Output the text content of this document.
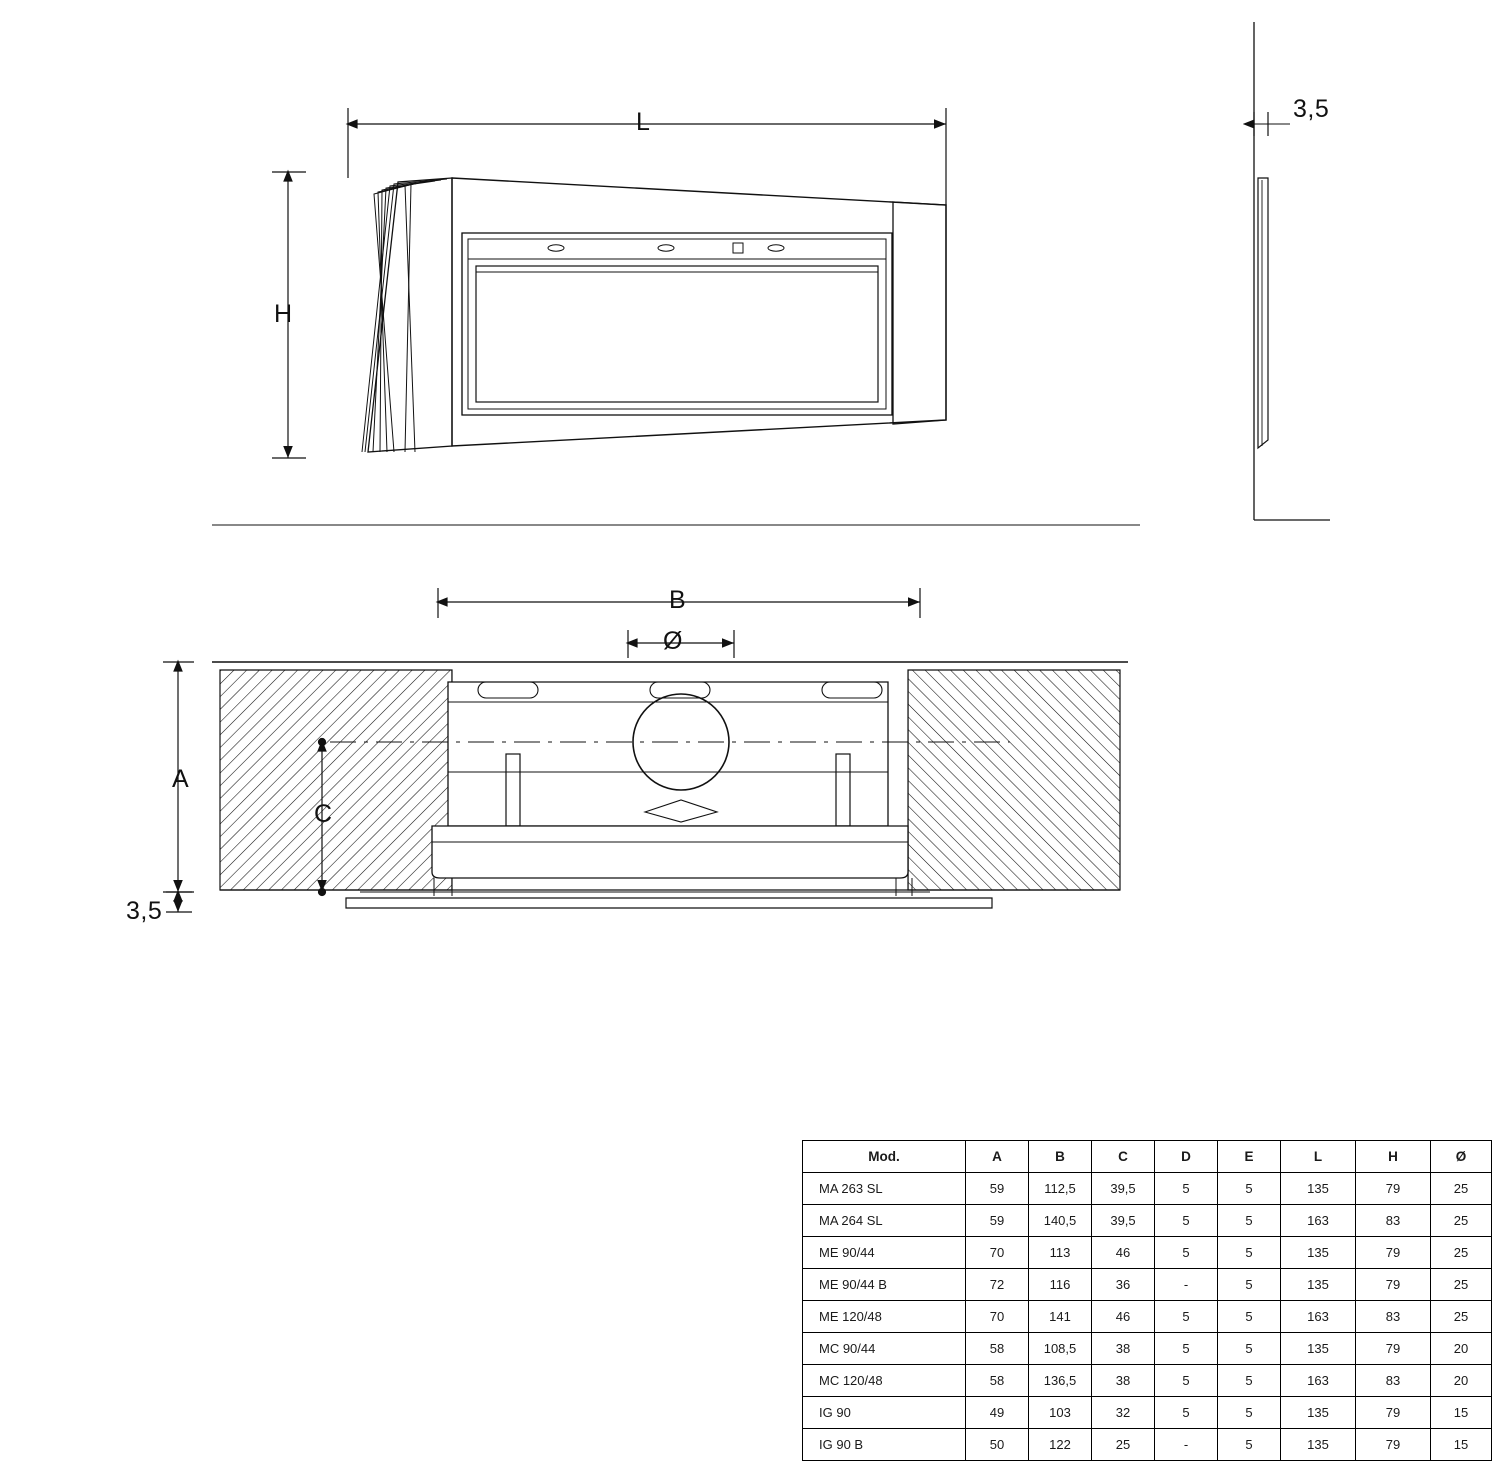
L
H
3,5
B
Ø
A
C
3,5
Mod.	A	B	C	D	E	L	H	Ø
MA 263 SL	59	112,5	39,5	5	5	135	79	25
MA 264 SL	59	140,5	39,5	5	5	163	83	25
ME 90/44	70	113	46	5	5	135	79	25
ME 90/44 B	72	116	36	-	5	135	79	25
ME 120/48	70	141	46	5	5	163	83	25
MC 90/44	58	108,5	38	5	5	135	79	20
MC 120/48	58	136,5	38	5	5	163	83	20
IG 90	49	103	32	5	5	135	79	15
IG 90 B	50	122	25	-	5	135	79	15
